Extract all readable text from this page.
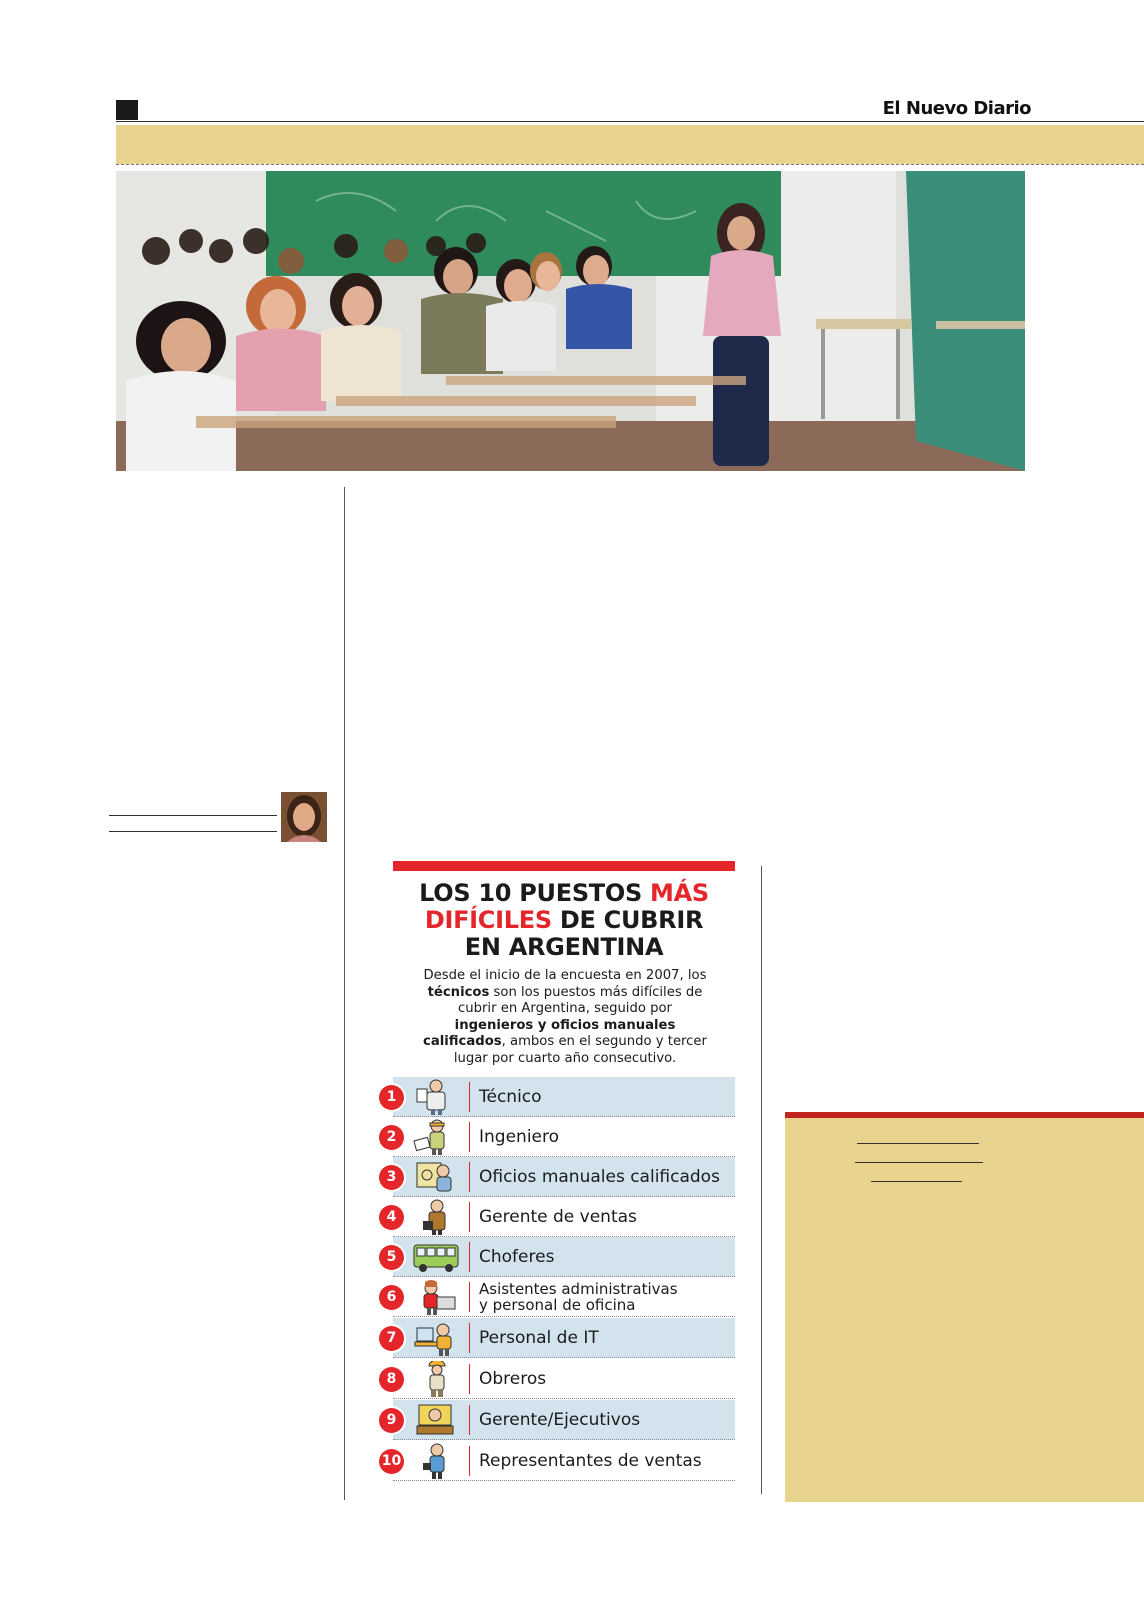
El Nuevo Diario
LOS 10 PUESTOS MÁS
DIFÍCILES DE CUBRIR
EN ARGENTINA
Desde el inicio de la encuesta en 2007, los técnicos son los puestos más difíciles de cubrir en Argentina, seguido por ingenieros y oficios manuales calificados, ambos en el segundo y tercer lugar por cuarto año consecutivo.
1	Técnico
2	Ingeniero
3	Oficios manuales calificados
4	Gerente de ventas
5	Choferes
6	Asistentes administrativas
y personal de oficina
7	Personal de IT
8	Obreros
9	Gerente/Ejecutivos
10	Representantes de ventas
